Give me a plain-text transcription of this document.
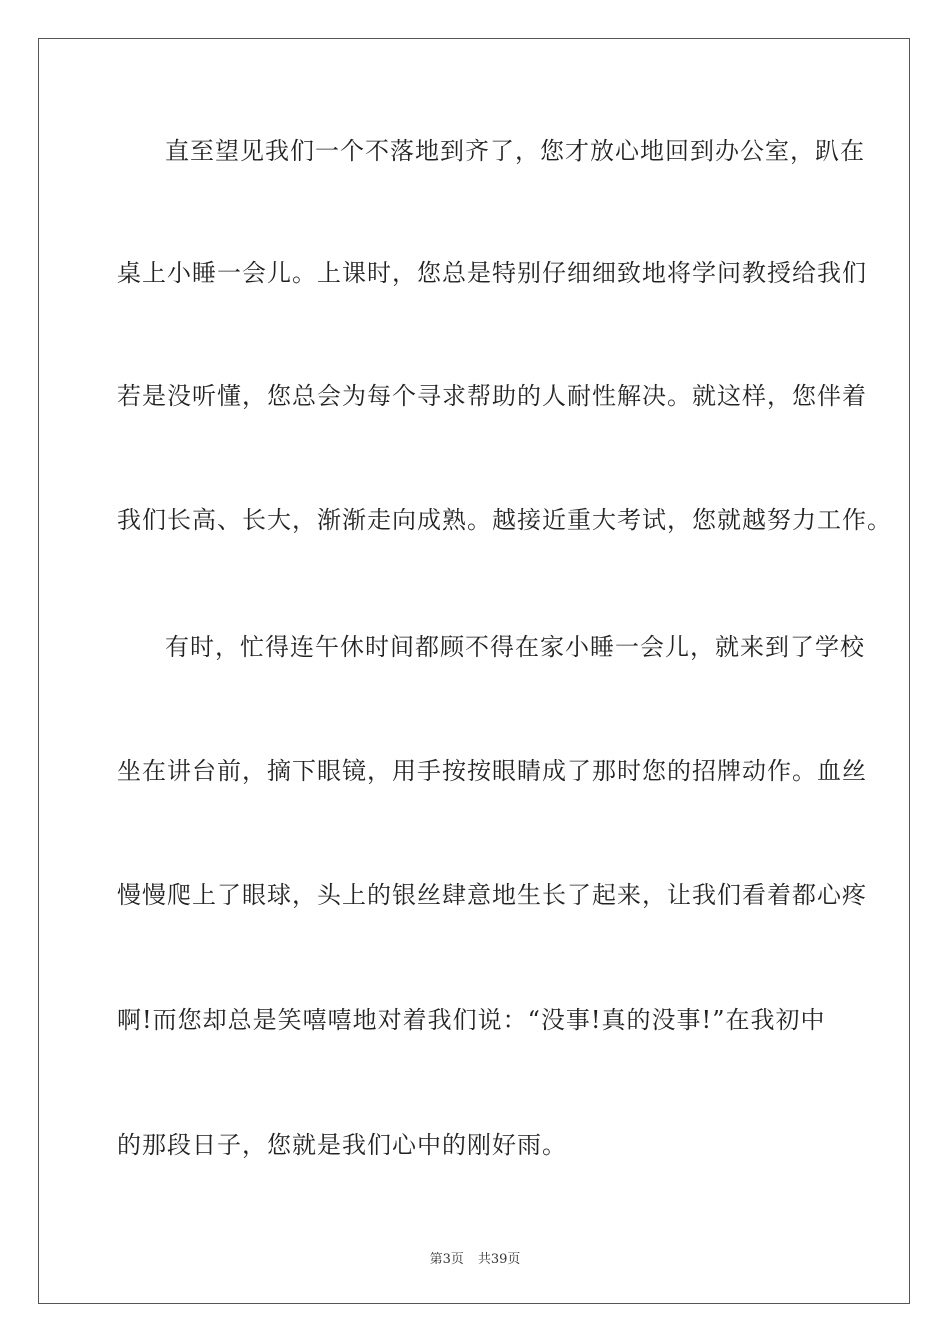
直至望见我们一个不落地到齐了，您才放心地回到办公室，趴在
桌上小睡一会儿。上课时，您总是特别仔细细致地将学问教授给我们
若是没听懂，您总会为每个寻求帮助的人耐性解决。就这样，您伴着
我们长高、长大，渐渐走向成熟。越接近重大考试，您就越努力工作。
有时，忙得连午休时间都顾不得在家小睡一会儿，就来到了学校
坐在讲台前，摘下眼镜，用手按按眼睛成了那时您的招牌动作。血丝
慢慢爬上了眼球，头上的银丝肆意地生长了起来，让我们看着都心疼
啊!而您却总是笑嘻嘻地对着我们说：“没事!真的没事!”在我初中
的那段日子，您就是我们心中的刚好雨。
第3页 共39页
